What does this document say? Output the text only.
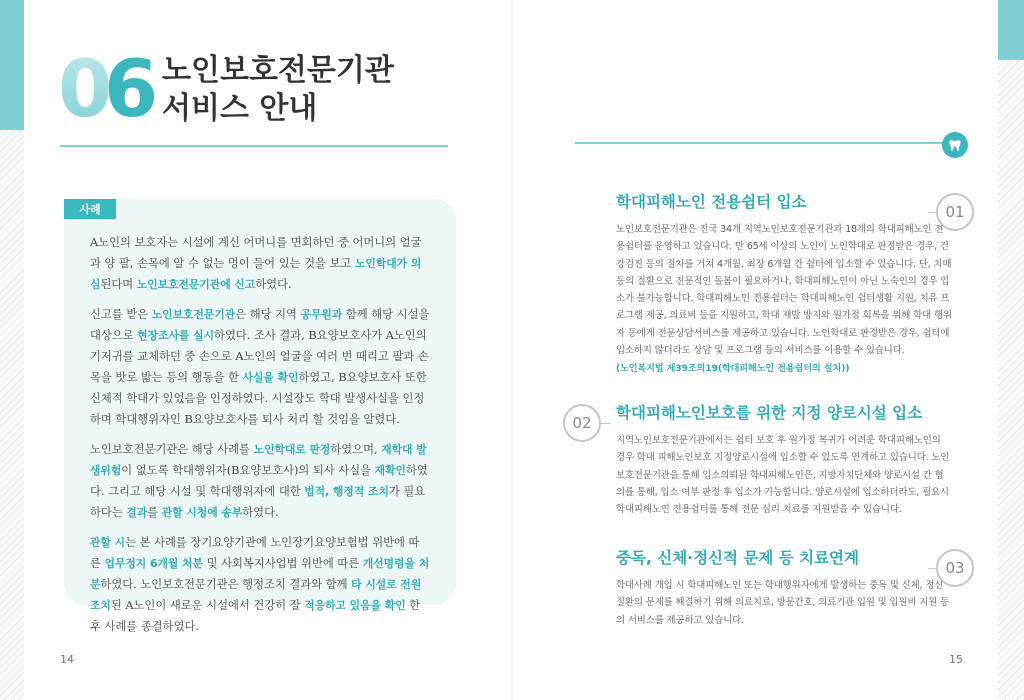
0
6 노인보호전문기관
서비스 안내
사례

A노인의 보호자는 시설에 계신 어머니를 면회하던 중 어머니의 얼굴과 양 팔, 손목에 알 수 없는 멍이 들어 있는 것을 보고 노인학대가 의심된다며 노인보호전문기관에 신고하였다.

신고를 받은 노인보호전문기관은 해당 지역 공무원과 함께 해당 시설을 대상으로 현장조사를 실시하였다. 조사 결과, B요양보호사가 A노인의 기저귀를 교체하던 중 손으로 A노인의 얼굴을 여러 번 때리고 팔과 손목을 밧로 밟는 등의 행동을 한 사실을 확인하였고, B요양보호사 또한 신체적 학대가 있었음을 인정하였다. 시설장도 학대 발생사실을 인정하며 학대행위자인 B요양보호사를 퇴사 처리 할 것임을 알렸다.

노인보호전문기관은 해당 사례를 노인학대로 판정하였으며, 재학대 발생위험이 없도록 학대행위자(B요양보호사)의 퇴사 사실을 재확인하였다. 그리고 해당 시설 및 학대행위자에 대한 법적, 행정적 조치가 필요하다는 결과를 관할 시청에 송부하였다.

관할 시는 본 사례를 장기요양기관에 노인장기요양보험법 위반에 따른 업무정지 6개월 처분 및 사회복지사업법 위반에 따른 개선명령을 처분하였다. 노인보호전문기관은 행정조치 결과와 함께 타 시설로 전원조치된 A노인이 새로운 시설에서 건강히 잘 적응하고 있음을 확인 한 후 사례를 종결하였다.

학대피해노인 전용쉼터 입소
노인보호전문기관은 전국 34개 지역노인보호전문기관과 18개의 학대피해노인 전용쉼터를 운영하고 있습니다. 만 65세 이상의 노인이 노인학대로 판정받은 경우, 건강검진 등의 절차를 거쳐 4개월, 최장 6개월 간 쉼터에 입소할 수 있습니다. 단, 치매 등의 질환으로 전문적인 돌봄이 필요하거나, 학대피해노인이 아닌 노숙인의 경우 입소가 불가능합니다. 학대피해노인 전용쉼터는 학대피해노인 쉼터생활 지원, 치유 프로그램 제공, 의료비 등을 지원하고, 학대 재발 방지와 원가정 회복을 위해 학대 행위자 등에게 전문상담서비스를 제공하고 있습니다. 노인학대로 판정받은 경우, 쉼터에 입소하지 않더라도 상담 및 프로그램 등의 서비스를 이용할 수 있습니다.
(노인복지법 제39조의19(학대피해노인 전용쉼터의 설치))
01
학대피해노인보호를 위한 지정 양로시설 입소
지역노인보호전문기관에서는 쉼터 보호 후 원가정 복귀가 어려운 학대피해노인의 경우 학대 피해노인보호 지정양로시설에 입소할 수 있도록 연계하고 있습니다. 노인보호전문기관을 통해 입소의뢰된 학대피해노인은, 지방자치단체와 양로시설 간 협의를 통해, 입소 여부 판정 후 입소가 가능합니다. 양로시설에 입소하더라도, 필요시 학대피해노인 전용쉼터를 통해 전문 심리 치료를 지원받을 수 있습니다.
02
중독, 신체·정신적 문제 등 치료연계
학대사례 개입 시 학대피해노인 또는 학대행위자에게 발생하는 중독 및 신체, 정신 질환의 문제를 해결하기 위해 의료치료, 방문간호, 의료기관 입원 및 입원비 지원 등의 서비스를 제공하고 있습니다.
03
14	15
